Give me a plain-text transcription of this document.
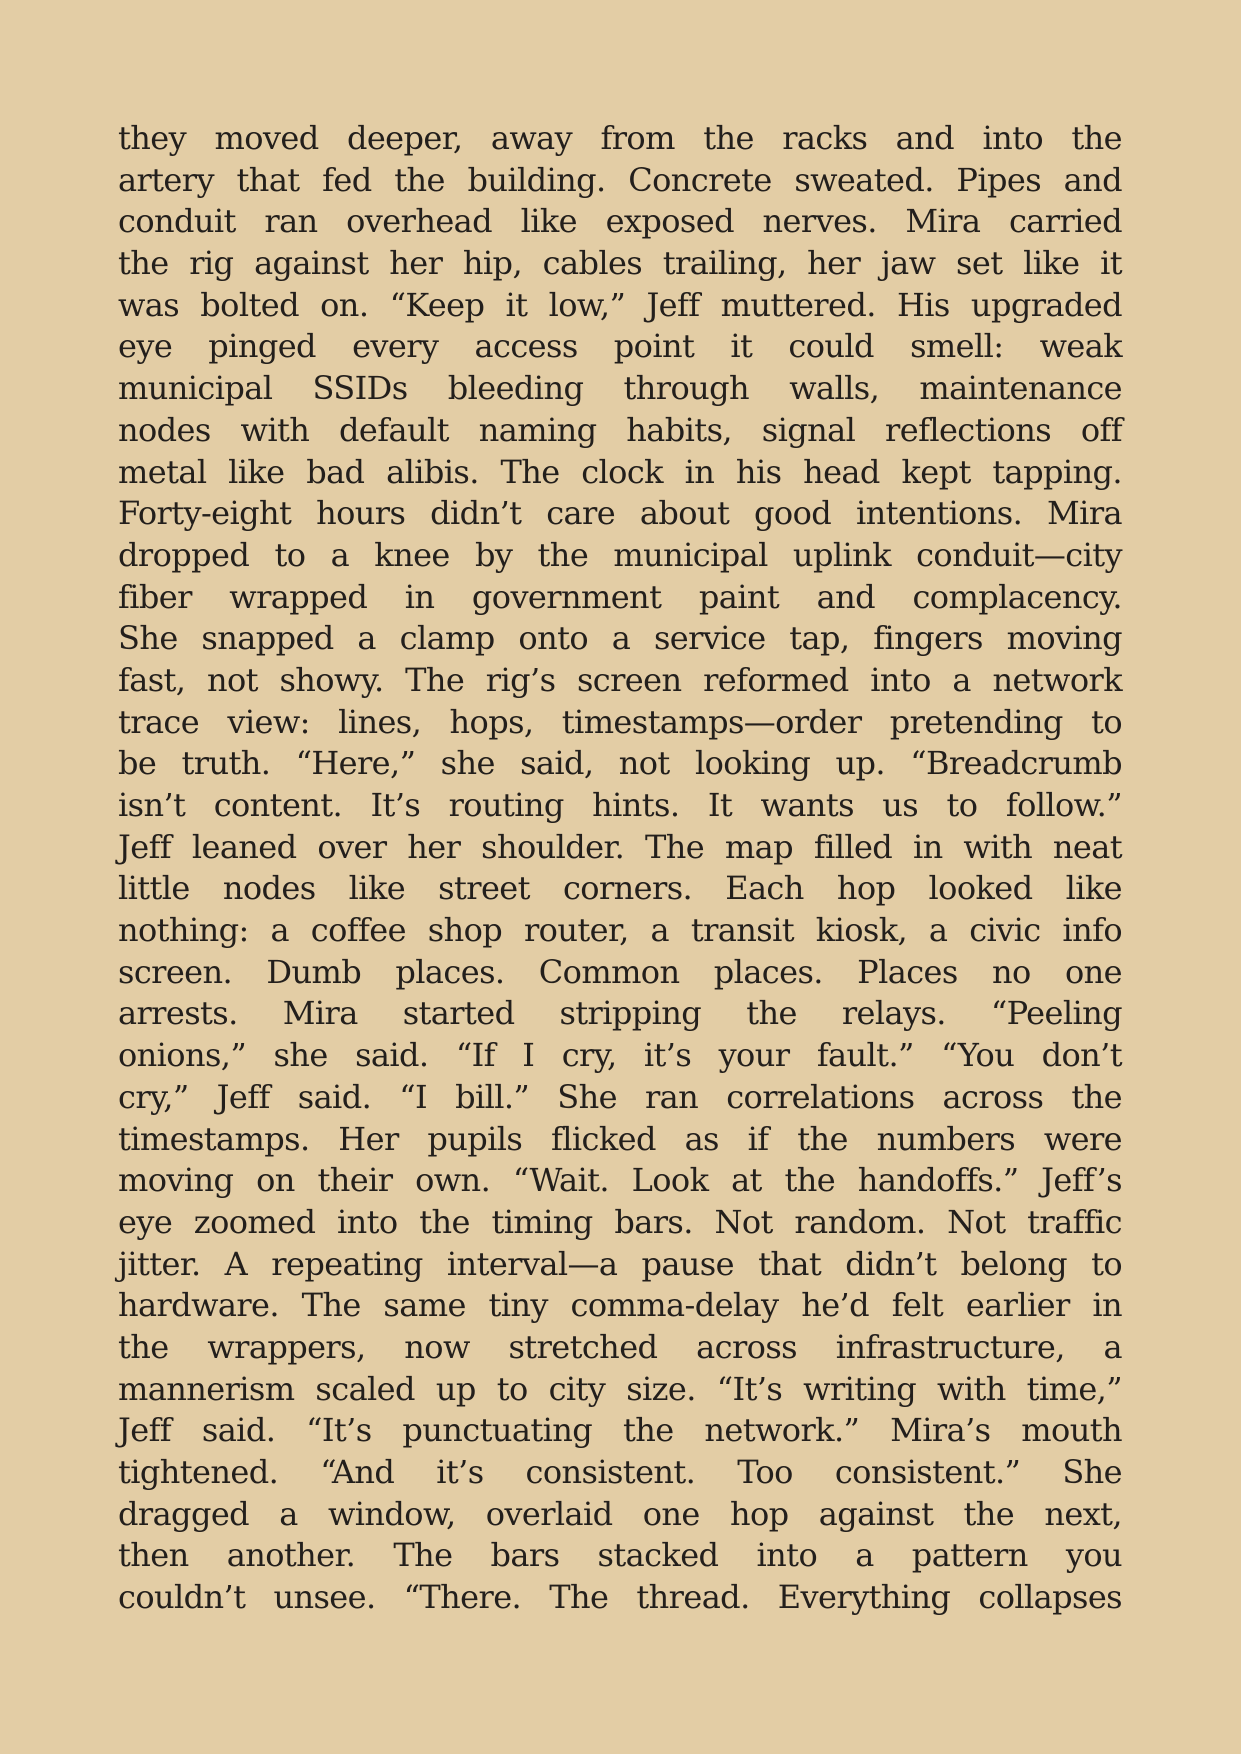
they moved deeper, away from the racks and into the
artery that fed the building. Concrete sweated. Pipes and
conduit ran overhead like exposed nerves. Mira carried
the rig against her hip, cables trailing, her jaw set like it
was bolted on. “Keep it low,” Jeff muttered. His upgraded
eye pinged every access point it could smell: weak
municipal SSIDs bleeding through walls, maintenance
nodes with default naming habits, signal reflections off
metal like bad alibis. The clock in his head kept tapping.
Forty-eight hours didn’t care about good intentions. Mira
dropped to a knee by the municipal uplink conduit—city
fiber wrapped in government paint and complacency.
She snapped a clamp onto a service tap, fingers moving
fast, not showy. The rig’s screen reformed into a network
trace view: lines, hops, timestamps—order pretending to
be truth. “Here,” she said, not looking up. “Breadcrumb
isn’t content. It’s routing hints. It wants us to follow.”
Jeff leaned over her shoulder. The map filled in with neat
little nodes like street corners. Each hop looked like
nothing: a coffee shop router, a transit kiosk, a civic info
screen. Dumb places. Common places. Places no one
arrests. Mira started stripping the relays. “Peeling
onions,” she said. “If I cry, it’s your fault.” “You don’t
cry,” Jeff said. “I bill.” She ran correlations across the
timestamps. Her pupils flicked as if the numbers were
moving on their own. “Wait. Look at the handoffs.” Jeff’s
eye zoomed into the timing bars. Not random. Not traffic
jitter. A repeating interval—a pause that didn’t belong to
hardware. The same tiny comma-delay he’d felt earlier in
the wrappers, now stretched across infrastructure, a
mannerism scaled up to city size. “It’s writing with time,”
Jeff said. “It’s punctuating the network.” Mira’s mouth
tightened. “And it’s consistent. Too consistent.” She
dragged a window, overlaid one hop against the next,
then another. The bars stacked into a pattern you
couldn’t unsee. “There. The thread. Everything collapses
